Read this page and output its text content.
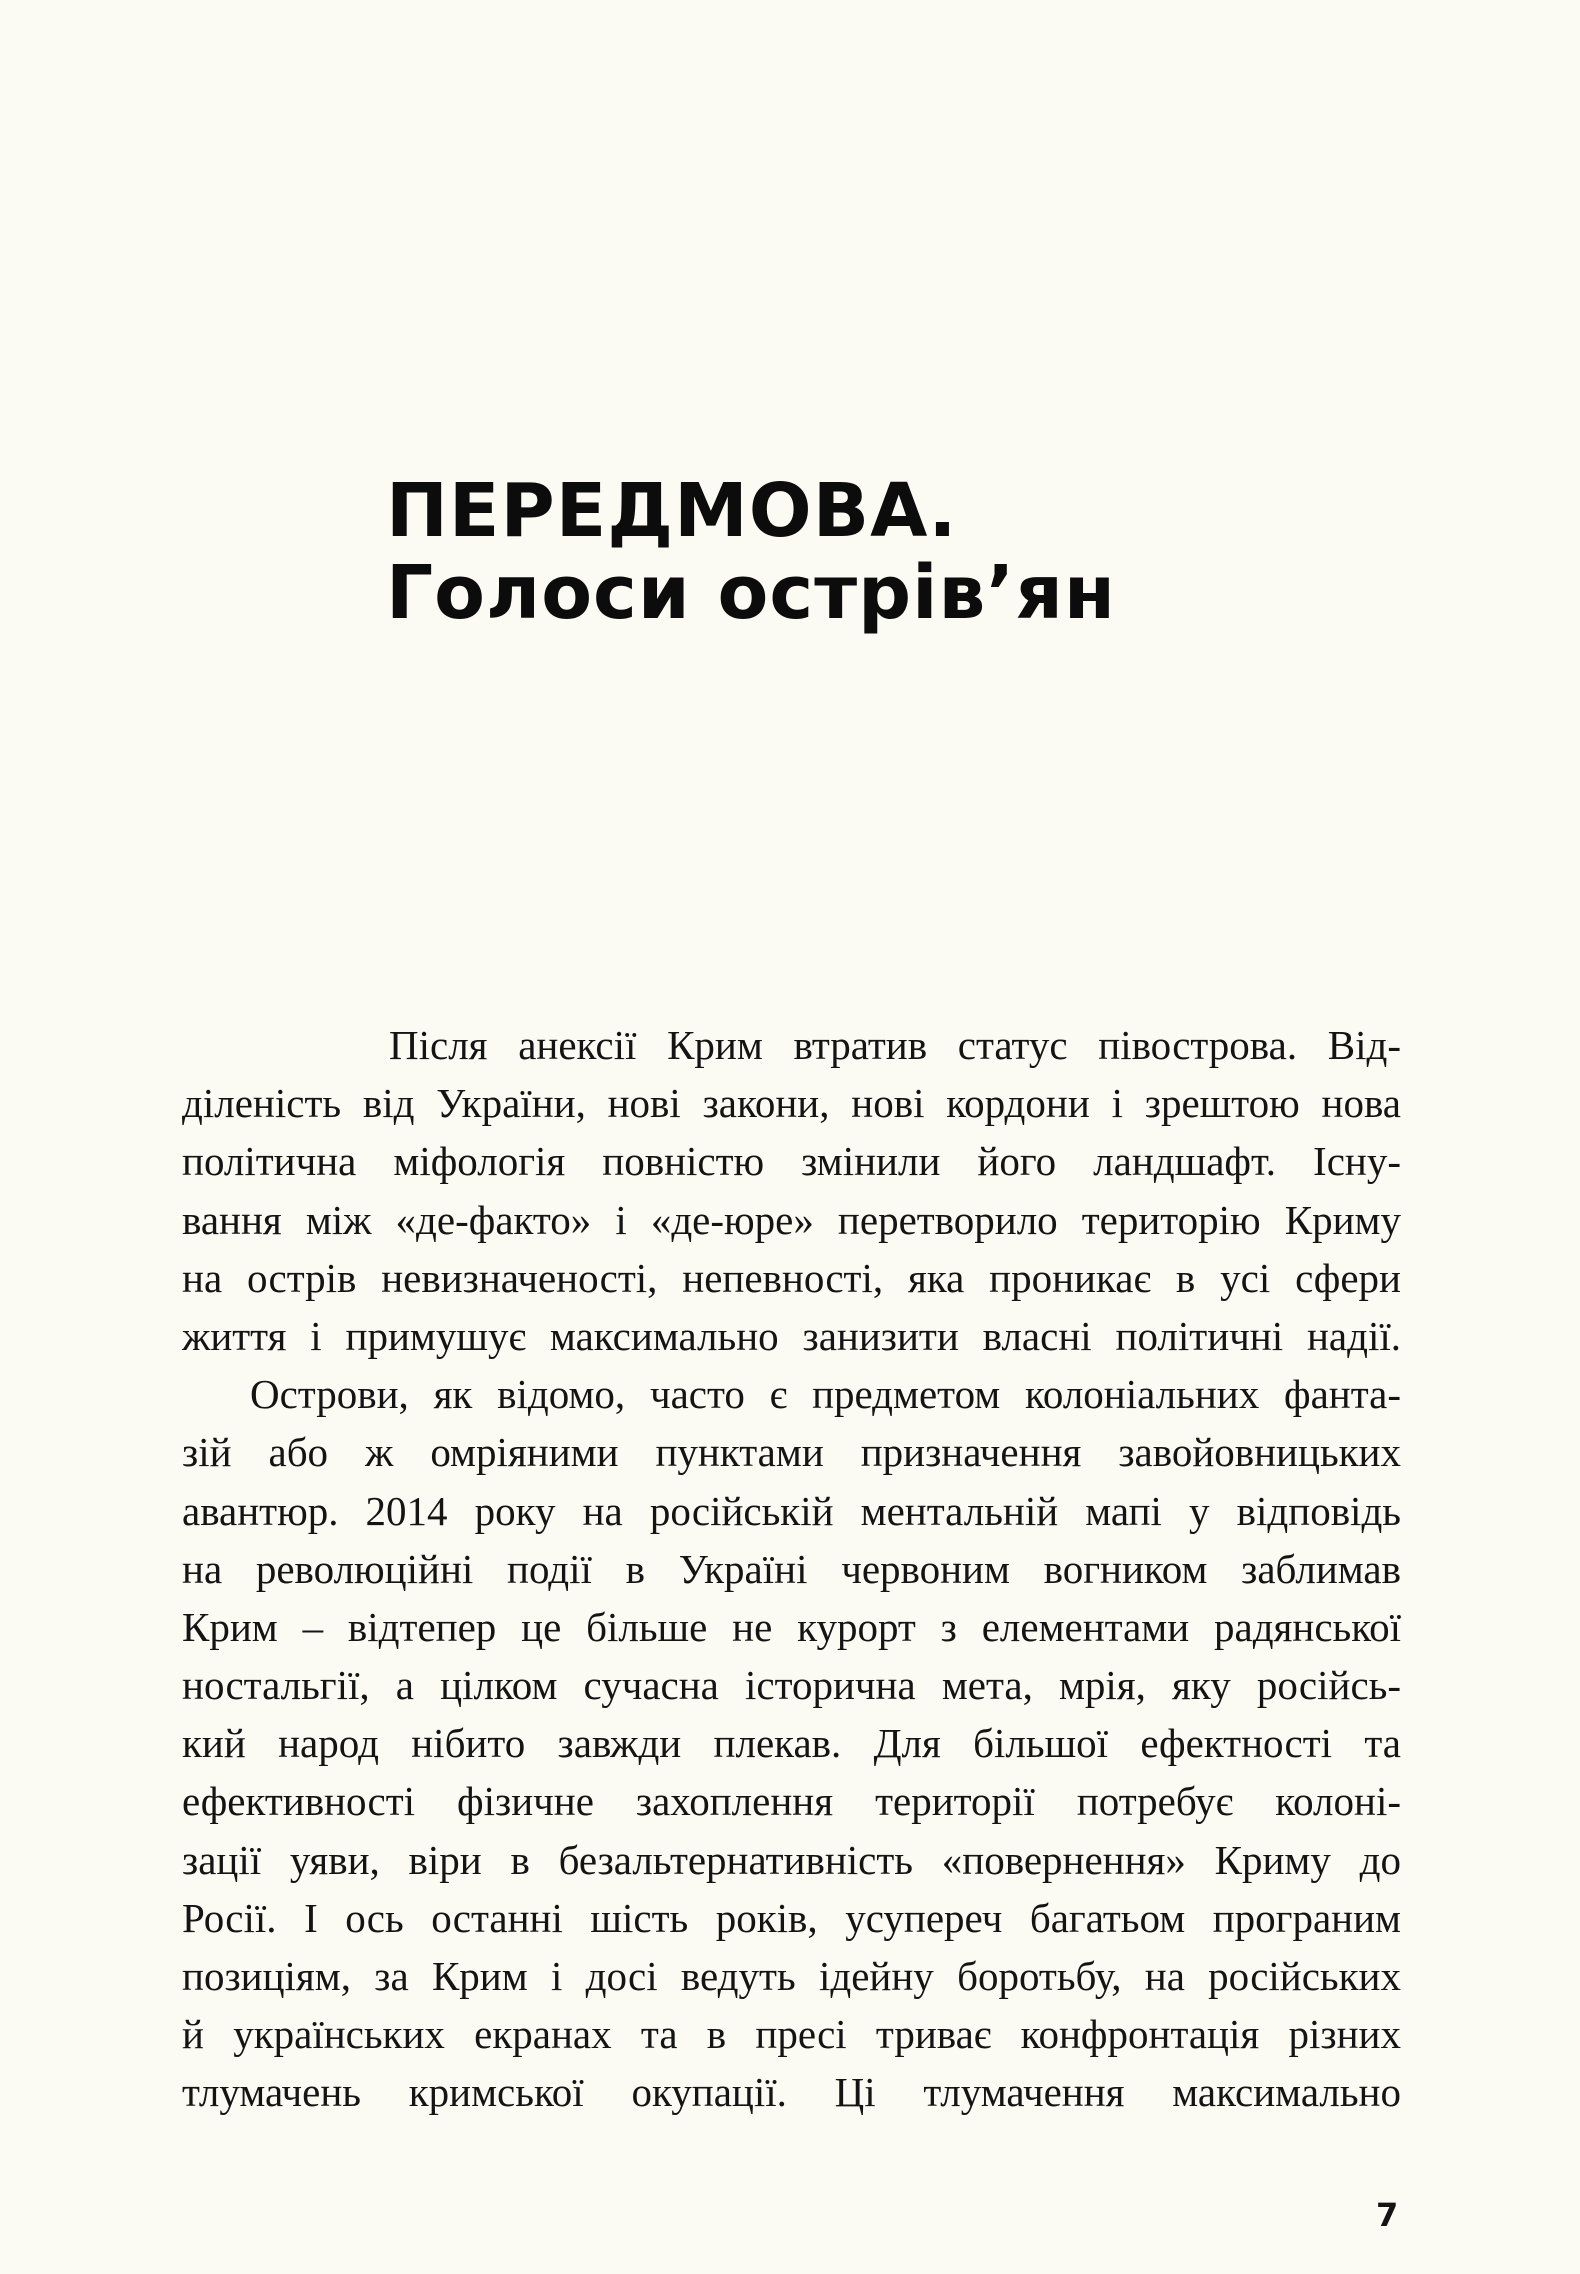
ПЕРЕДМОВА.
Голоси острів’ян
Після анексії Крим втратив статус півострова. Від-
діленість від України, нові закони, нові кордони і зрештою нова
політична міфологія повністю змінили його ландшафт. Існу-
вання між «де-факто» і «де-юре» перетворило територію Криму
на острів невизначеності, непевності, яка проникає в усі сфери
життя і примушує максимально занизити власні політичні надії.
Острови, як відомо, часто є предметом колоніальних фанта-
зій або ж омріяними пунктами призначення завойовницьких
авантюр. 2014 року на російській ментальній мапі у відповідь
на революційні події в Україні червоним вогником заблимав
Крим – відтепер це більше не курорт з елементами радянської
ностальгії, а цілком сучасна історична мета, мрія, яку російсь-
кий народ нібито завжди плекав. Для більшої ефектності та
ефективності фізичне захоплення території потребує колоні-
зації уяви, віри в безальтернативність «повернення» Криму до
Росії. І ось останні шість років, усупереч багатьом програним
позиціям, за Крим і досі ведуть ідейну боротьбу, на російських
й українських екранах та в пресі триває конфронтація різних
тлумачень кримської окупації. Ці тлумачення максимально
7
